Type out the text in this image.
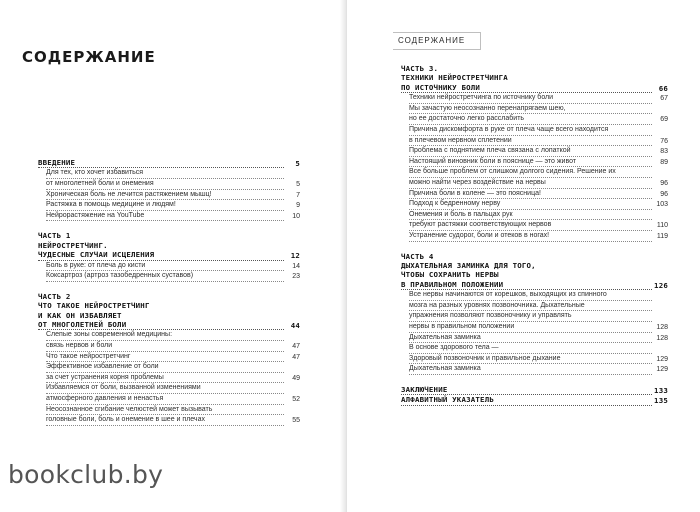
СОДЕРЖАНИЕ
ВВЕДЕНИЕ	5
Для тех, кто хочет избавиться
от многолетней боли и онемения	5
Хроническая боль не лечится растяжением мышц!	7
Растяжка в помощь медицине и людям!	9
Нейрорастяжение на YouTube	10
ЧАСТЬ 1
НЕЙРОСТРЕТЧИНГ.
ЧУДЕСНЫЕ СЛУЧАИ ИСЦЕЛЕНИЯ	12
Боль в руке: от плеча до кисти	14
Коксартроз (артроз тазобедренных суставов)	23
ЧАСТЬ 2
ЧТО ТАКОЕ НЕЙРОСТРЕТЧИНГ
И КАК ОН ИЗБАВЛЯЕТ
ОТ МНОГОЛЕТНЕЙ БОЛИ	44
Слепые зоны современной медицины:
связь нервов и боли	47
Что такое нейростретчинг	47
Эффективное избавление от боли
за счет устранения корня проблемы	49
Избавляемся от боли, вызванной изменениями
атмосферного давления и ненастья	52
Неосознанное сгибание челюстей может вызывать
головные боли, боль и онемение в шее и плечах	55
bookclub.by
СОДЕРЖАНИЕ
ЧАСТЬ 3.
ТЕХНИКИ НЕЙРОСТРЕТЧИНГА
ПО ИСТОЧНИКУ БОЛИ	66
Техники нейростретчинга по источнику боли	67
Мы зачастую неосознанно перенапрягаем шею,
но ее достаточно легко расслабить	69
Причина дискомфорта в руке от плеча чаще всего находится
в плечевом нервном сплетении	76
Проблема с поднятием плеча связана с лопаткой	83
Настоящий виновник боли в пояснице — это живот	89
Все больше проблем от слишком долгого сидения. Решение их
можно найти через воздействие на нервы	96
Причина боли в колене — это поясница!	96
Подход к бедренному нерву	103
Онемения и боль в пальцах рук
требуют растяжки соответствующих нервов	110
Устранение судорог, боли и отеков в ногах!	119
ЧАСТЬ 4
ДЫХАТЕЛЬНАЯ ЗАМИНКА ДЛЯ ТОГО,
ЧТОБЫ СОХРАНИТЬ НЕРВЫ
В ПРАВИЛЬНОМ ПОЛОЖЕНИИ	126
Все нервы начинаются от корешков, выходящих из спинного
мозга на разных уровнях позвоночника. Дыхательные
упражнения позволяют позвоночнику и управлять
нервы в правильном положении	128
Дыхательная заминка	128
В основе здорового тела —
Здоровый позвоночник и правильное дыхание	129
Дыхательная заминка	129
ЗАКЛЮЧЕНИЕ	133
АЛФАВИТНЫЙ УКАЗАТЕЛЬ	135
